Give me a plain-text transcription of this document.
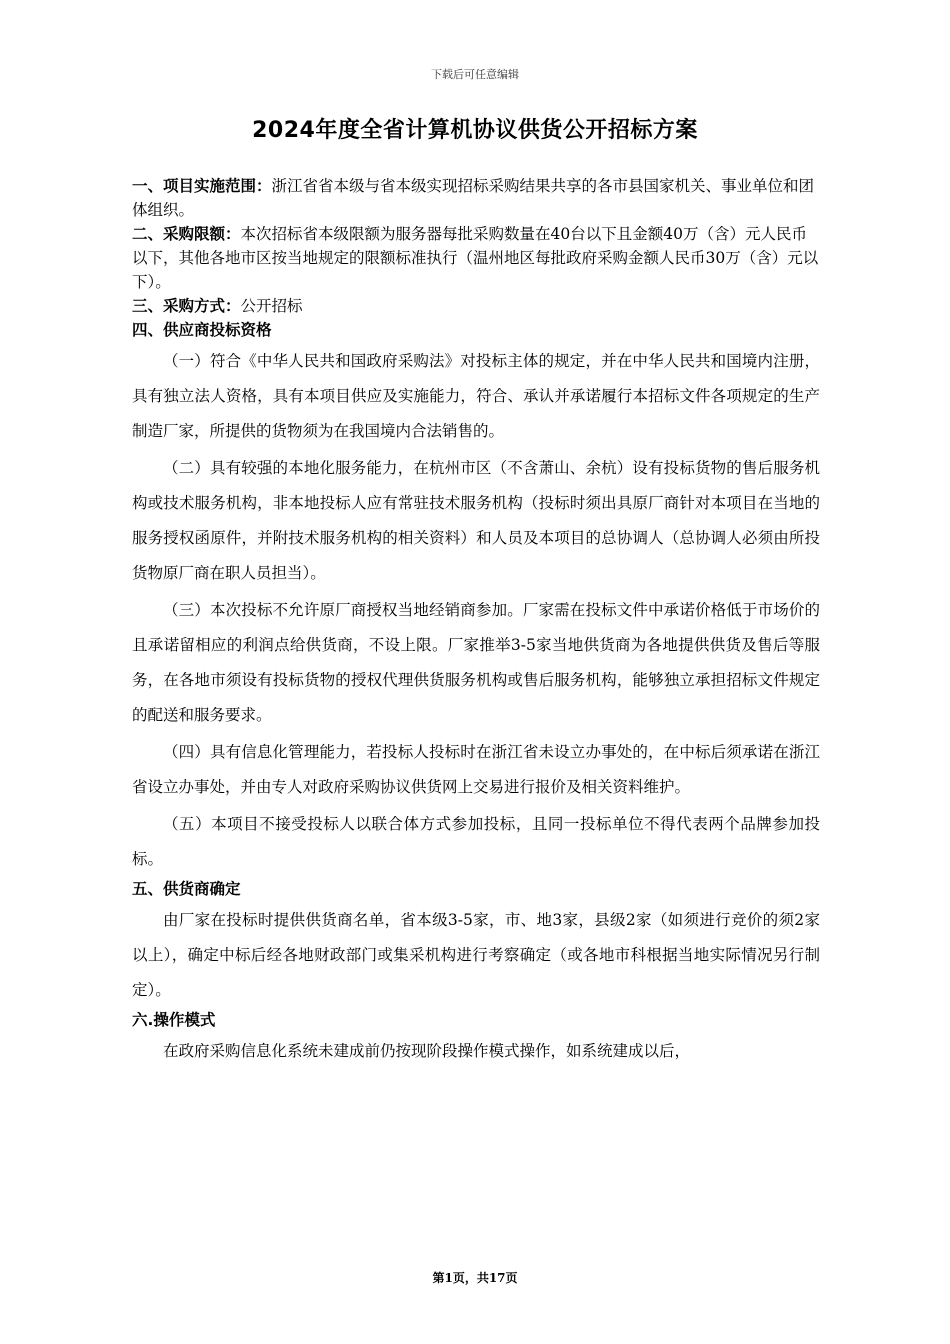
下载后可任意编辑
2024年度全省计算机协议供货公开招标方案

一、项目实施范围：浙江省省本级与省本级实现招标采购结果共享的各市县国家机关、事业单位和团体组织。

二、采购限额：本次招标省本级限额为服务器每批采购数量在40台以下且金额40万（含）元人民币以下，其他各地市区按当地规定的限额标准执行（温州地区每批政府采购金额人民币30万（含）元以下）。

三、采购方式：公开招标

四、供应商投标资格

（一）符合《中华人民共和国政府采购法》对投标主体的规定，并在中华人民共和国境内注册，具有独立法人资格，具有本项目供应及实施能力，符合、承认并承诺履行本招标文件各项规定的生产制造厂家，所提供的货物须为在我国境内合法销售的。

（二）具有较强的本地化服务能力，在杭州市区（不含萧山、余杭）设有投标货物的售后服务机构或技术服务机构，非本地投标人应有常驻技术服务机构（投标时须出具原厂商针对本项目在当地的服务授权函原件，并附技术服务机构的相关资料）和人员及本项目的总协调人（总协调人必须由所投货物原厂商在职人员担当）。

（三）本次投标不允许原厂商授权当地经销商参加。厂家需在投标文件中承诺价格低于市场价的且承诺留相应的利润点给供货商，不设上限。厂家推举3-5家当地供货商为各地提供供货及售后等服务，在各地市须设有投标货物的授权代理供货服务机构或售后服务机构，能够独立承担招标文件规定的配送和服务要求。

（四）具有信息化管理能力，若投标人投标时在浙江省未设立办事处的，在中标后须承诺在浙江省设立办事处，并由专人对政府采购协议供货网上交易进行报价及相关资料维护。

（五）本项目不接受投标人以联合体方式参加投标，且同一投标单位不得代表两个品牌参加投标。

五、供货商确定

由厂家在投标时提供供货商名单，省本级3-5家，市、地3家，县级2家（如须进行竞价的须2家以上），确定中标后经各地财政部门或集采机构进行考察确定（或各地市科根据当地实际情况另行制定）。

六.操作模式

在政府采购信息化系统未建成前仍按现阶段操作模式操作，如系统建成以后，

第1页，共17页
